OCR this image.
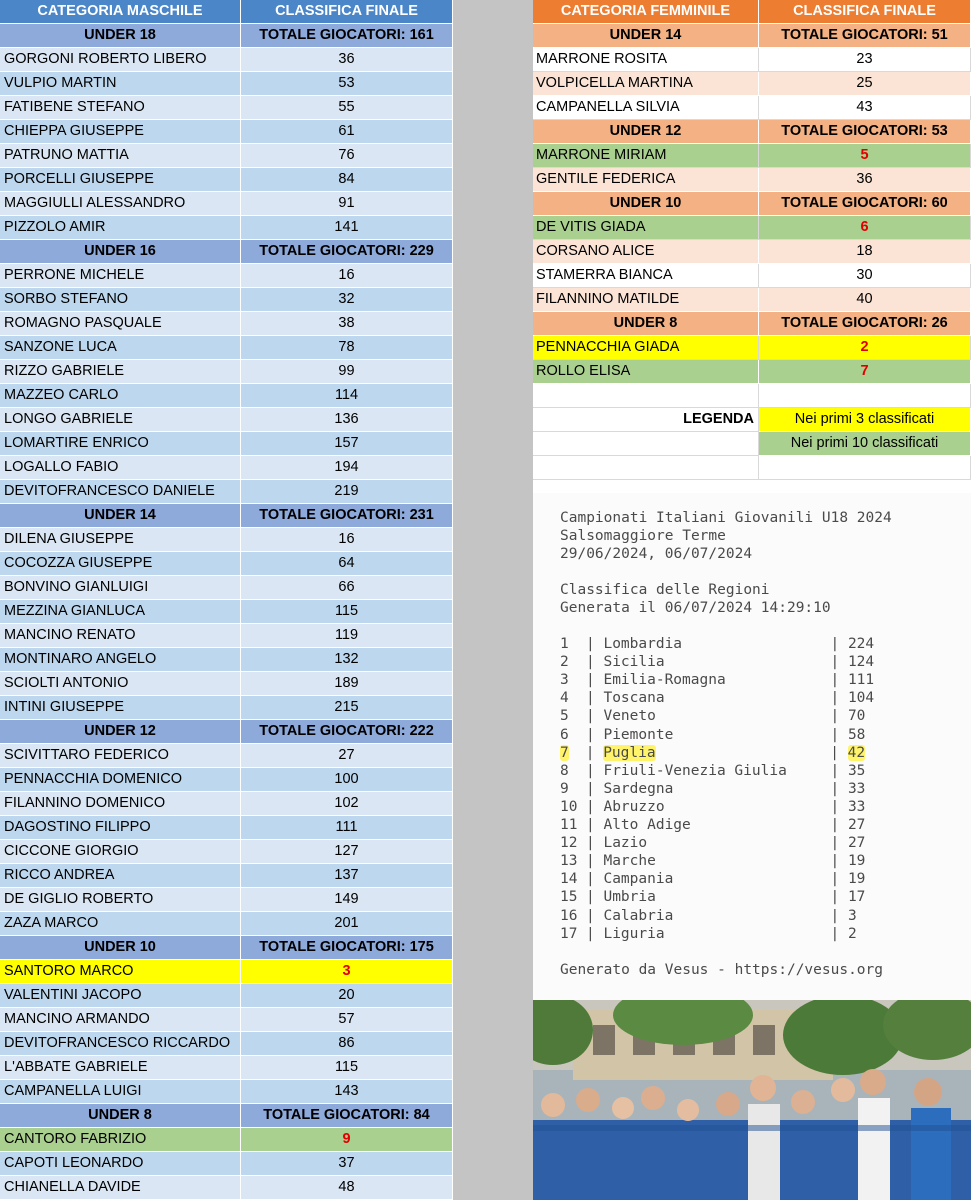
CATEGORIA MASCHILE	CLASSIFICA FINALE
UNDER 18	TOTALE GIOCATORI: 161
GORGONI ROBERTO LIBERO	36
VULPIO MARTIN	53
FATIBENE STEFANO	55
CHIEPPA GIUSEPPE	61
PATRUNO MATTIA	76
PORCELLI GIUSEPPE	84
MAGGIULLI ALESSANDRO	91
PIZZOLO AMIR	141
UNDER 16	TOTALE GIOCATORI: 229
PERRONE MICHELE	16
SORBO STEFANO	32
ROMAGNO PASQUALE	38
SANZONE LUCA	78
RIZZO GABRIELE	99
MAZZEO CARLO	114
LONGO GABRIELE	136
LOMARTIRE ENRICO	157
LOGALLO FABIO	194
DEVITOFRANCESCO DANIELE	219
UNDER 14	TOTALE GIOCATORI: 231
DILENA GIUSEPPE	16
COCOZZA GIUSEPPE	64
BONVINO GIANLUIGI	66
MEZZINA GIANLUCA	115
MANCINO RENATO	119
MONTINARO ANGELO	132
SCIOLTI ANTONIO	189
INTINI GIUSEPPE	215
UNDER 12	TOTALE GIOCATORI: 222
SCIVITTARO FEDERICO	27
PENNACCHIA DOMENICO	100
FILANNINO DOMENICO	102
DAGOSTINO FILIPPO	111
CICCONE GIORGIO	127
RICCO ANDREA	137
DE GIGLIO ROBERTO	149
ZAZA MARCO	201
UNDER 10	TOTALE GIOCATORI: 175
SANTORO MARCO	3
VALENTINI JACOPO	20
MANCINO ARMANDO	57
DEVITOFRANCESCO RICCARDO	86
L'ABBATE GABRIELE	115
CAMPANELLA LUIGI	143
UNDER 8	TOTALE GIOCATORI: 84
CANTORO FABRIZIO	9
CAPOTI LEONARDO	37
CHIANELLA DAVIDE	48
CATEGORIA FEMMINILE	CLASSIFICA FINALE
UNDER 14	TOTALE GIOCATORI: 51
MARRONE ROSITA	23
VOLPICELLA MARTINA	25
CAMPANELLA SILVIA	43
UNDER 12	TOTALE GIOCATORI: 53
MARRONE MIRIAM	5
GENTILE FEDERICA	36
UNDER 10	TOTALE GIOCATORI: 60
DE VITIS GIADA	6
CORSANO ALICE	18
STAMERRA BIANCA	30
FILANNINO MATILDE	40
UNDER 8	TOTALE GIOCATORI: 26
PENNACCHIA GIADA	2
ROLLO ELISA	7
LEGENDA	Nei primi 3 classificati
Nei primi 10 classificati
Campionati Italiani Giovanili U18 2024
Salsomaggiore Terme
29/06/2024, 06/07/2024
Classifica delle Regioni
Generata il 06/07/2024 14:29:10
1 | Lombardia	| 224
2 | Sicilia	| 124
3 | Emilia-Romagna	| 111
4 | Toscana	| 104
5 | Veneto	| 70
6 | Piemonte	| 58
7 | Puglia	| 42
8 | Friuli-Venezia Giulia	| 35
9 | Sardegna	| 33
10 | Abruzzo	| 33
11 | Alto Adige	| 27
12 | Lazio	| 27
13 | Marche	| 19
14 | Campania	| 19
15 | Umbria	| 17
16 | Calabria	| 3
17 | Liguria	| 2
Generato da Vesus - https://vesus.org
